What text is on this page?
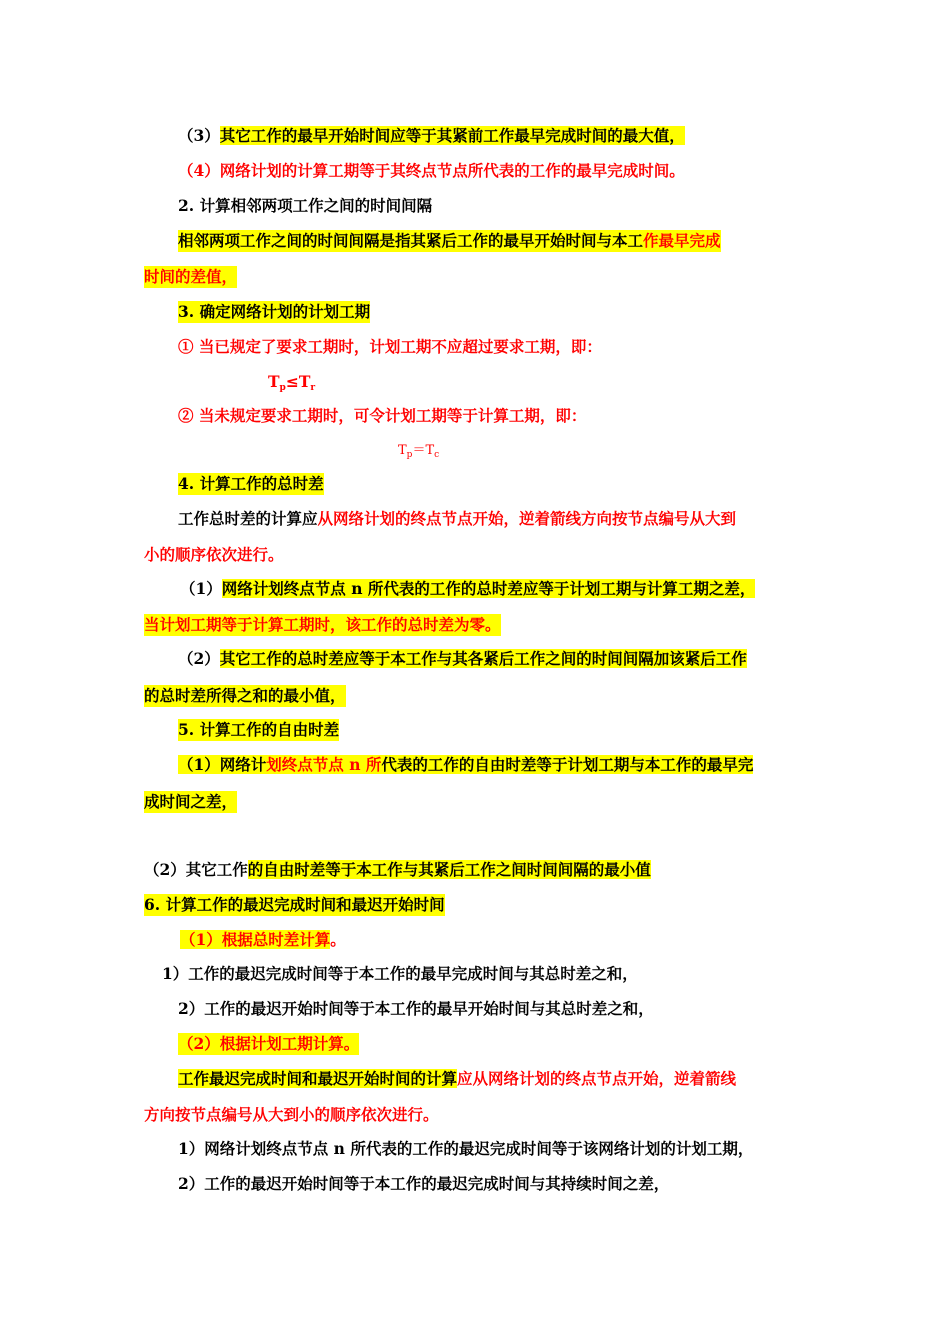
（3）其它工作的最早开始时间应等于其紧前工作最早完成时间的最大值，
（4）网络计划的计算工期等于其终点节点所代表的工作的最早完成时间。
2. 计算相邻两项工作之间的时间间隔
相邻两项工作之间的时间间隔是指其紧后工作的最早开始时间与本工作最早完成
时间的差值，
3. 确定网络计划的计划工期
① 当已规定了要求工期时，计划工期不应超过要求工期，即：
$T_p\le T_r$
② 当未规定要求工期时，可令计划工期等于计算工期，即：
$T_p=T_c$
4. 计算工作的总时差
工作总时差的计算应从网络计划的终点节点开始，逆着箭线方向按节点编号从大到
小的顺序依次进行。
（1）网络计划终点节点 n 所代表的工作的总时差应等于计划工期与计算工期之差，
当计划工期等于计算工期时，该工作的总时差为零。
（2）其它工作的总时差应等于本工作与其各紧后工作之间的时间间隔加该紧后工作
的总时差所得之和的最小值，
5. 计算工作的自由时差
（1）网络计划终点节点 n 所代表的工作的自由时差等于计划工期与本工作的最早完
成时间之差，
（2）其它工作的自由时差等于本工作与其紧后工作之间时间间隔的最小值
6. 计算工作的最迟完成时间和最迟开始时间
（1）根据总时差计算。
1）工作的最迟完成时间等于本工作的最早完成时间与其总时差之和，
2）工作的最迟开始时间等于本工作的最早开始时间与其总时差之和，
（2）根据计划工期计算。
工作最迟完成时间和最迟开始时间的计算应从网络计划的终点节点开始，逆着箭线
方向按节点编号从大到小的顺序依次进行。
1）网络计划终点节点 n 所代表的工作的最迟完成时间等于该网络计划的计划工期，
2）工作的最迟开始时间等于本工作的最迟完成时间与其持续时间之差，
